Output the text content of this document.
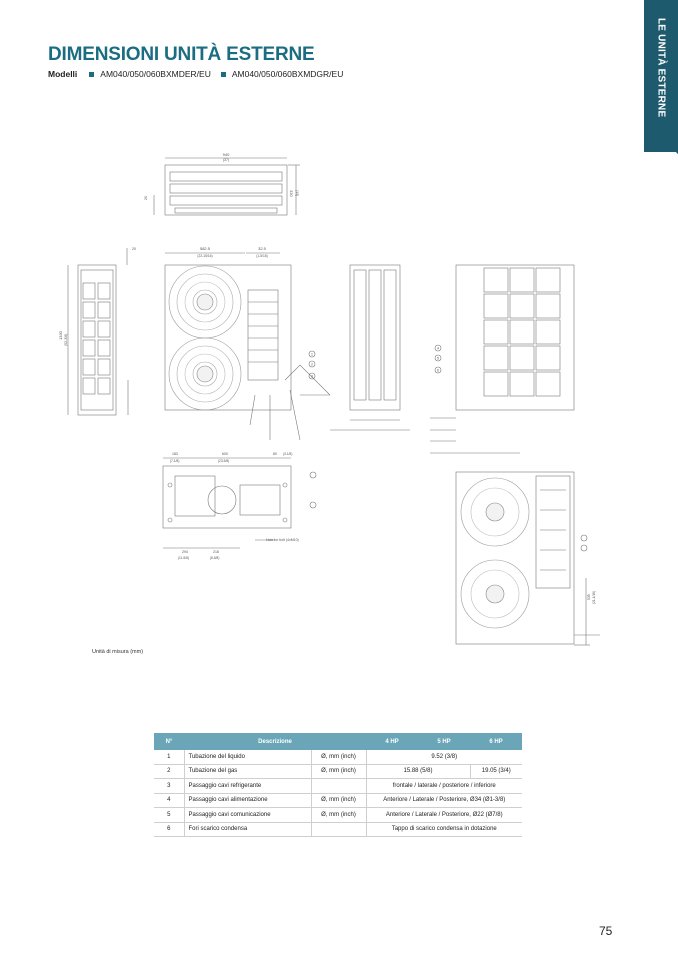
LE UNITÀ ESTERNE
DIMENSIONI UNITÀ ESTERNE
Modelli	AM040/050/060BXMDER/EU AM040/050/060BXMDGR/EU
940
(37)
330 (13)
20
1330 (52-3/8)
20	582.5
(22-15/16)
32.5
(1-5/16)
183
(7-1/8)
600
(23-5/8)
80 (3-1/8)
294
(11-5/8)
218
(8-5/8)
Hole for bolt (4xM10)
535 (21-1/16)
1
2
3
4
5
6
Unità di misura (mm)
N°	Descrizione		4 HP	5 HP	6 HP
1	Tubazione del liquido	Ø, mm (inch)	9.52 (3/8)		
2	Tubazione del gas	Ø, mm (inch)	15.88 (5/8)		19.05 (3/4)
3	Passaggio cavi refrigerante		frontale / laterale / posteriore / inferiore		
4	Passaggio cavi alimentazione	Ø, mm (inch)	Anteriore / Laterale / Posteriore, Ø34 (Ø1-3/8)		
5	Passaggio cavi comunicazione	Ø, mm (inch)	Anteriore / Laterale / Posteriore, Ø22 (Ø7/8)		
6	Fori scarico condensa		Tappo di scarico condensa in dotazione		
75
